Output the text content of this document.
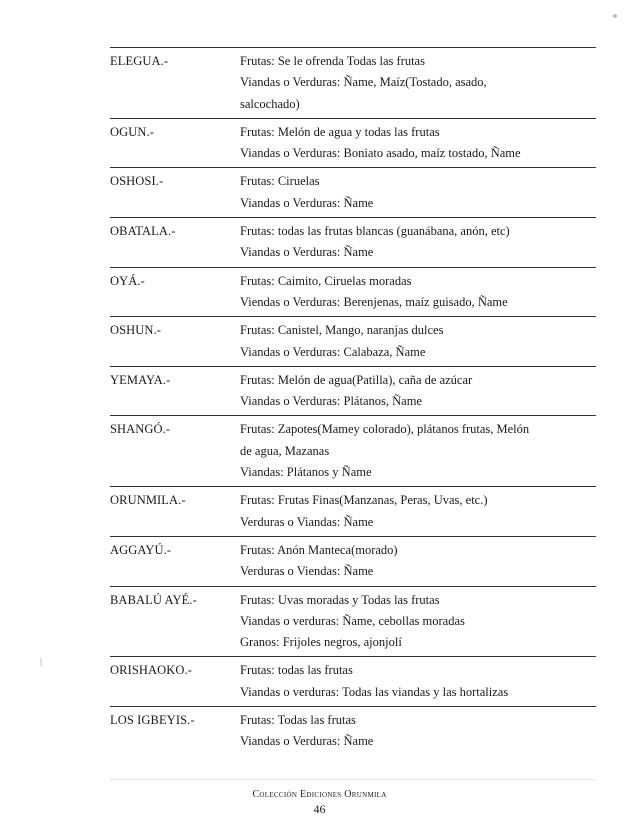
ELEGUA.-	Frutas: Se le ofrenda Todas las frutas
Viandas o Verduras: Ñame, Maíz(Tostado, asado,
salcochado)
OGUN.-	Frutas: Melón de agua y todas las frutas
Viandas o Verduras: Boniato asado, maíz tostado, Ñame
OSHOSI.-	Frutas: Ciruelas
Viandas o Verduras: Ñame
OBATALA.-	Frutas: todas las frutas blancas (guanábana, anón, etc)
Viandas o Verduras: Ñame
OYÁ.-	Frutas: Caimito, Ciruelas moradas
Viendas o Verduras: Berenjenas, maíz guisado, Ñame
OSHUN.-	Frutas: Canistel, Mango, naranjas dulces
Viandas o Verduras: Calabaza, Ñame
YEMAYA.-	Frutas: Melón de agua(Patilla), caña de azúcar
Viandas o Verduras: Plátanos, Ñame
SHANGÓ.-	Frutas: Zapotes(Mamey colorado), plátanos frutas, Melón
de agua, Mazanas
Viandas: Plátanos y Ñame
ORUNMILA.-	Frutas: Frutas Finas(Manzanas, Peras, Uvas, etc.)
Verduras o Viandas: Ñame
AGGAYÚ.-	Frutas: Anón Manteca(morado)
Verduras o Viendas: Ñame
BABALÚ AYÉ.-	Frutas: Uvas moradas y Todas las frutas
Viandas o verduras: Ñame, cebollas moradas
Granos: Frijoles negros, ajonjolí
ORISHAOKO.-	Frutas: todas las frutas
Viandas o verduras: Todas las viandas y las hortalizas
LOS IGBEYIS.-	Frutas: Todas las frutas
Viandas o Verduras: Ñame
Colección Ediciones Orunmila
46
